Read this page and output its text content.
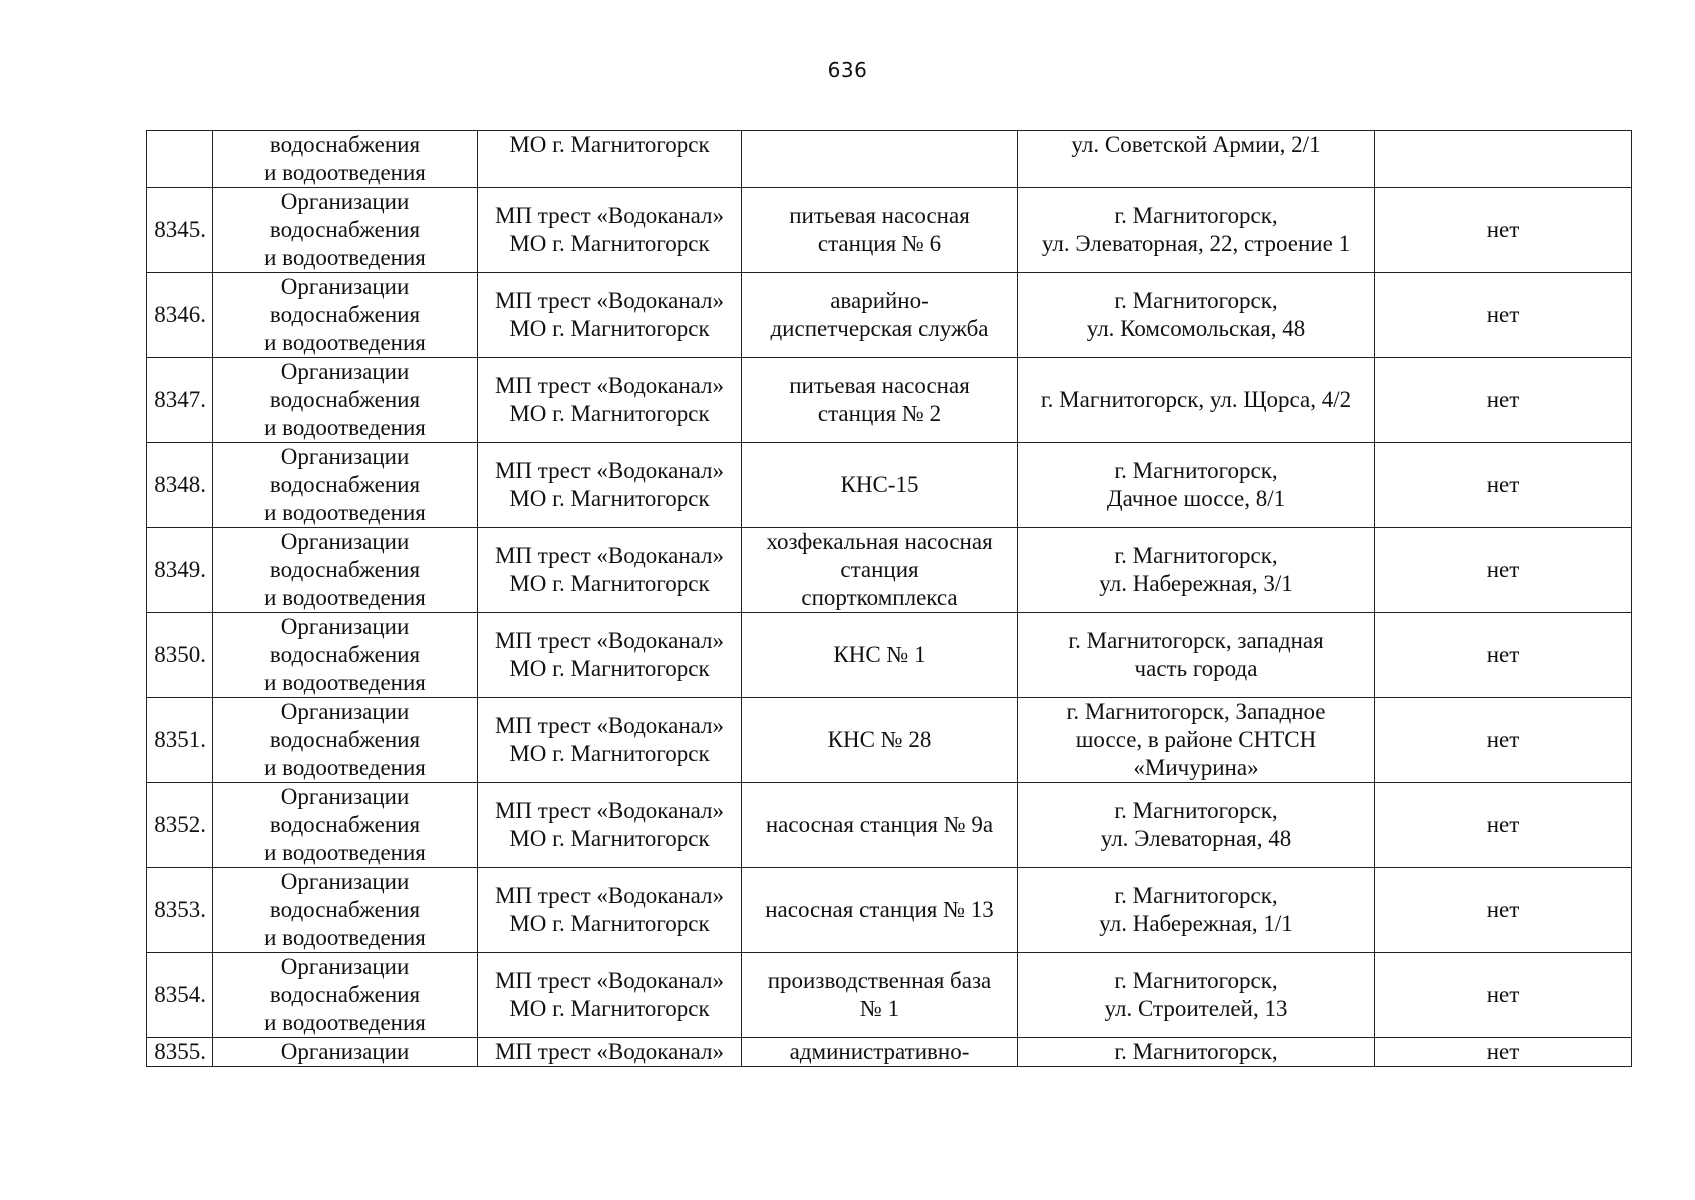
636

	водоснабжения
и водоотведения	МО г. Магнитогорск		ул. Советской Армии, 2/1	
8345.	Организации
водоснабжения
и водоотведения	МП трест «Водоканал»
МО г. Магнитогорск	питьевая насосная
станция № 6	г. Магнитогорск,
ул. Элеваторная, 22, строение 1	нет
8346.	Организации
водоснабжения
и водоотведения	МП трест «Водоканал»
МО г. Магнитогорск	аварийно-
диспетчерская служба	г. Магнитогорск,
ул. Комсомольская, 48	нет
8347.	Организации
водоснабжения
и водоотведения	МП трест «Водоканал»
МО г. Магнитогорск	питьевая насосная
станция № 2	г. Магнитогорск, ул. Щорса, 4/2	нет
8348.	Организации
водоснабжения
и водоотведения	МП трест «Водоканал»
МО г. Магнитогорск	КНС-15	г. Магнитогорск,
Дачное шоссе, 8/1	нет
8349.	Организации
водоснабжения
и водоотведения	МП трест «Водоканал»
МО г. Магнитогорск	хозфекальная насосная
станция
спорткомплекса	г. Магнитогорск,
ул. Набережная, 3/1	нет
8350.	Организации
водоснабжения
и водоотведения	МП трест «Водоканал»
МО г. Магнитогорск	КНС № 1	г. Магнитогорск, западная
часть города	нет
8351.	Организации
водоснабжения
и водоотведения	МП трест «Водоканал»
МО г. Магнитогорск	КНС № 28	г. Магнитогорск, Западное
шоссе, в районе СНТСН
«Мичурина»	нет
8352.	Организации
водоснабжения
и водоотведения	МП трест «Водоканал»
МО г. Магнитогорск	насосная станция № 9а	г. Магнитогорск,
ул. Элеваторная, 48	нет
8353.	Организации
водоснабжения
и водоотведения	МП трест «Водоканал»
МО г. Магнитогорск	насосная станция № 13	г. Магнитогорск,
ул. Набережная, 1/1	нет
8354.	Организации
водоснабжения
и водоотведения	МП трест «Водоканал»
МО г. Магнитогорск	производственная база
№ 1	г. Магнитогорск,
ул. Строителей, 13	нет
8355.	Организации	МП трест «Водоканал»	административно-	г. Магнитогорск,	нет
